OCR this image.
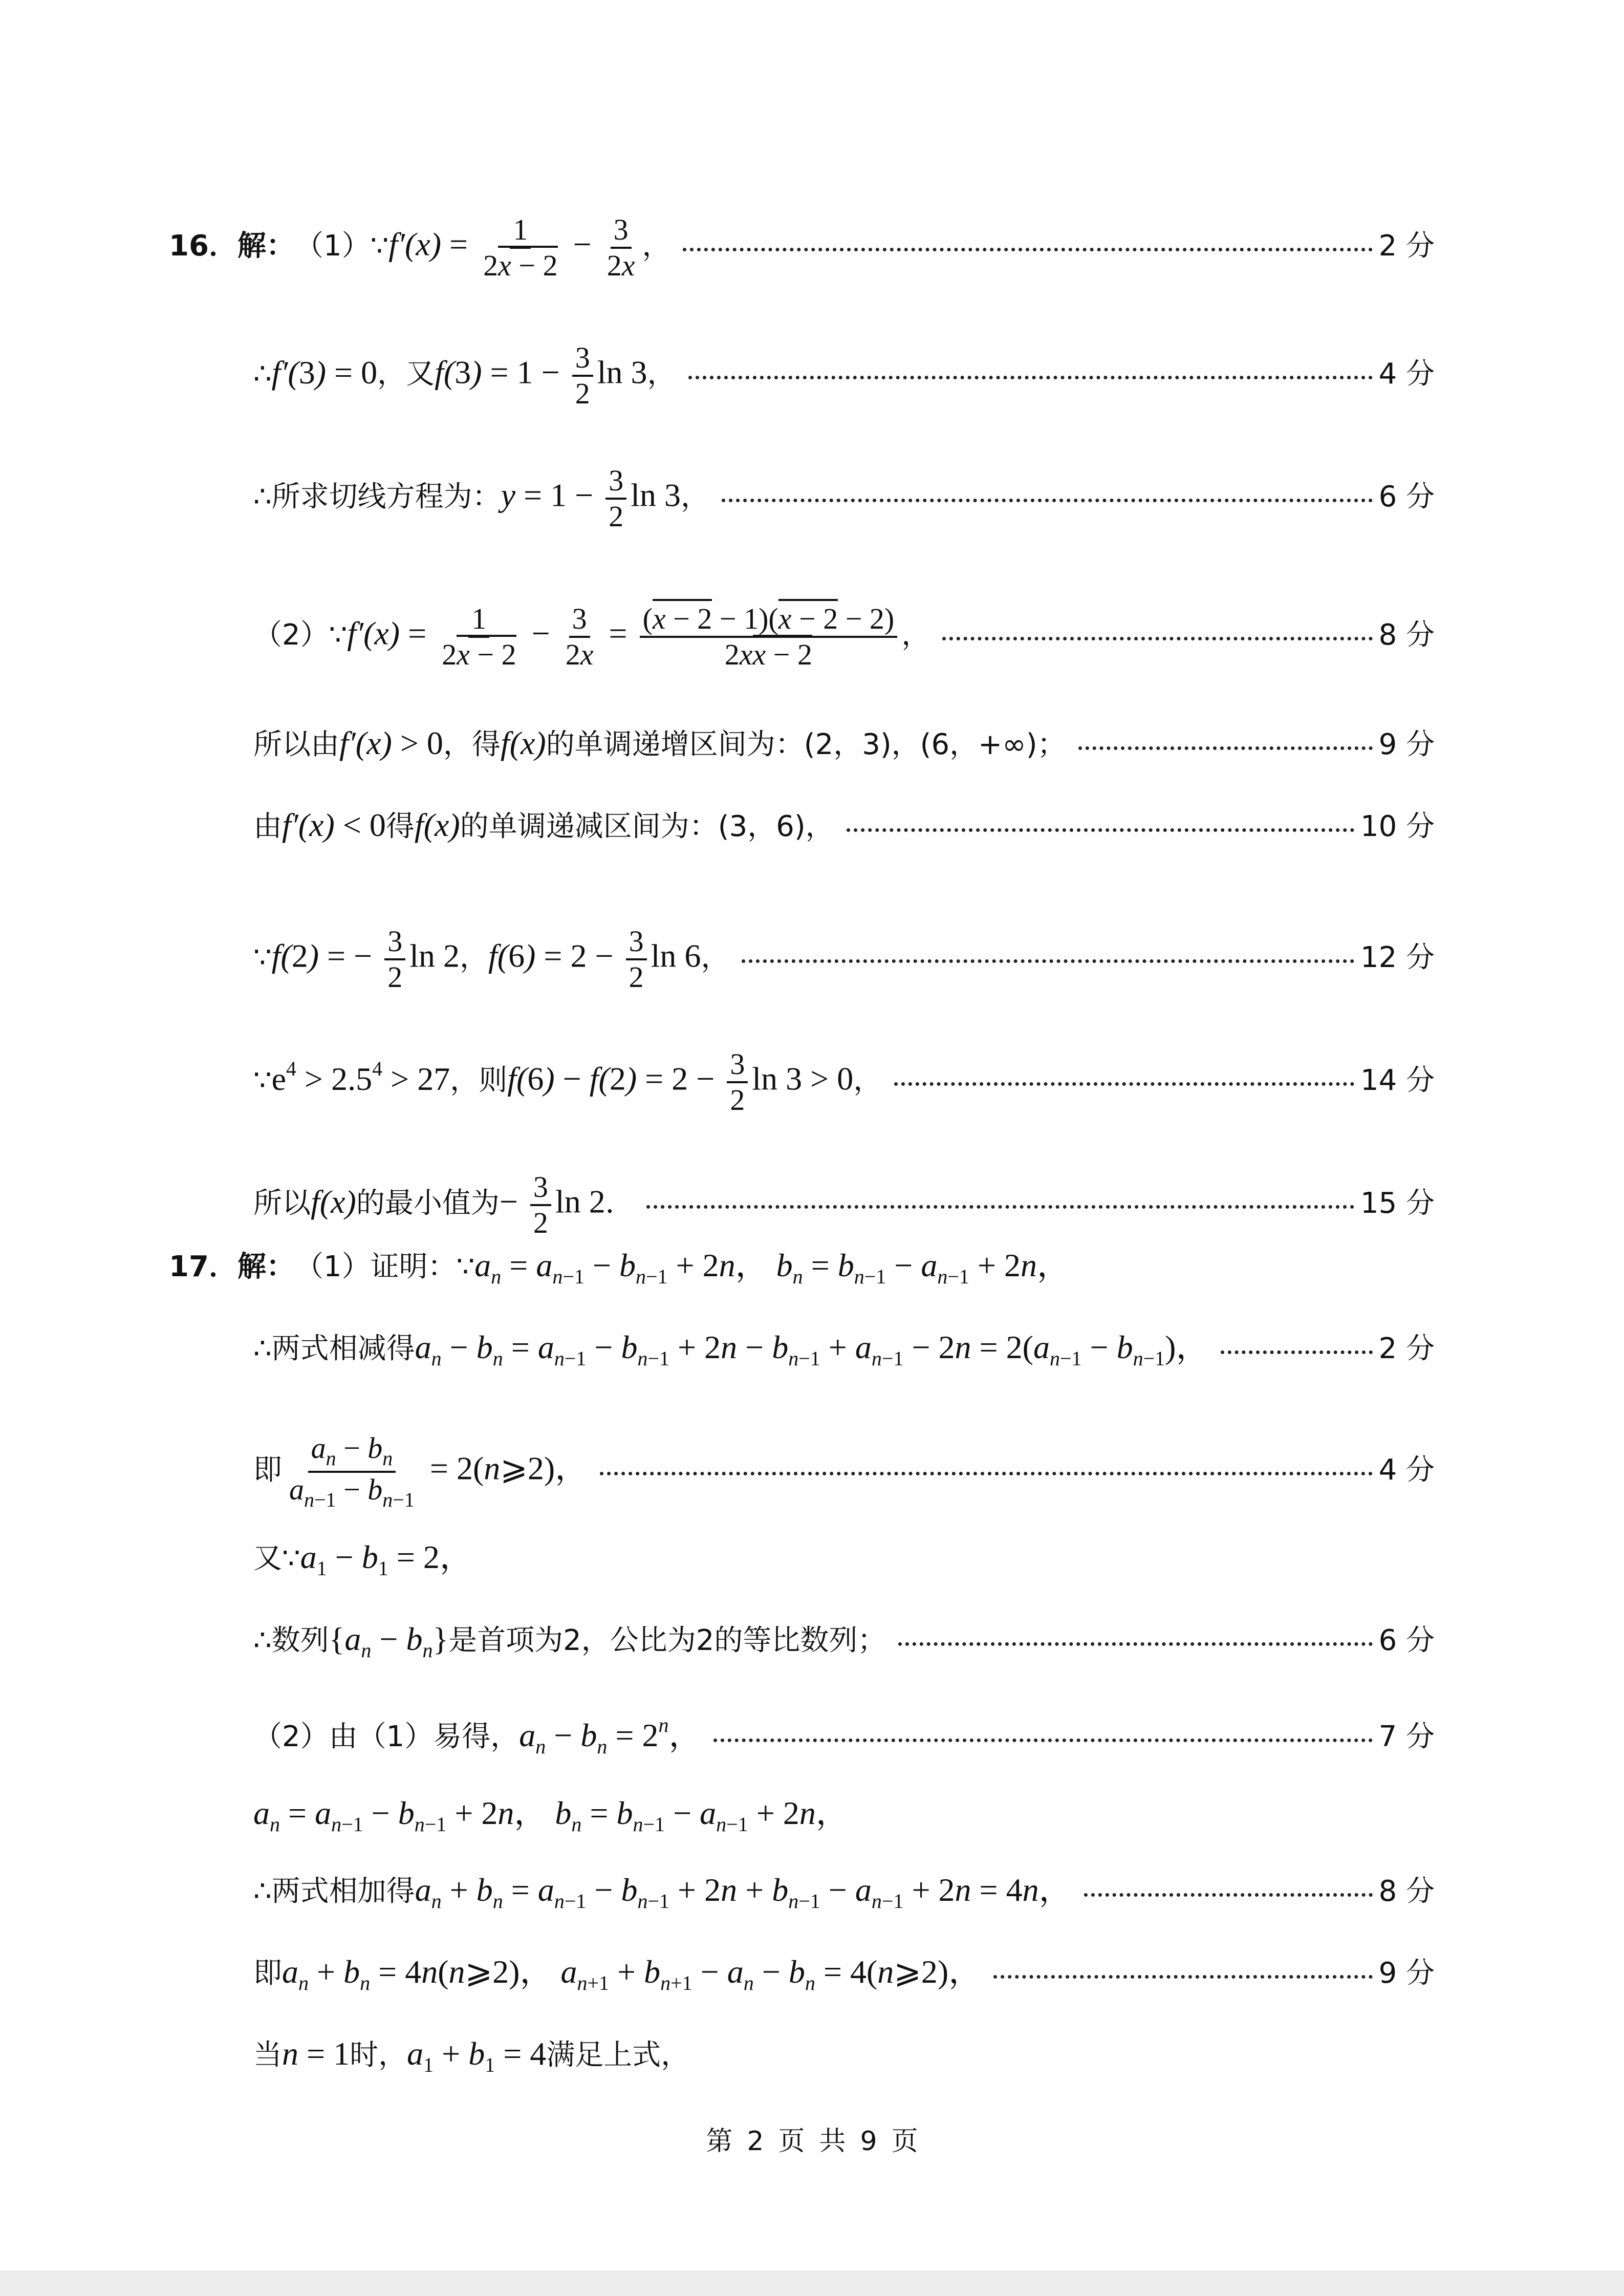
16． 解： （1） ∵ $f'(x) = \frac{1}{2x - 2} - \frac{3}{2x}$ ，	2 分
∴ f′(3) = 0 ，又 $f(3) = 1 - \frac{3}{2}$ ln 3 ，	4 分
∴ 所求切线方程为： $y = 1 - \frac{3}{2}$ ln 3 ，	6 分
（2） ∵ $f'(x) = \frac{1}{2x - 2} - \frac{3}{2x} = \frac{(x - 2 - 1)(x - 2 - 2)}{2xx - 2}$ ，	8 分
所以由 f′(x) > 0 ，得 f(x) 的单调递增区间为：(2，3)，(6，+∞)；	9 分
由 f′(x) < 0 得 f(x) 的单调递减区间为：(3，6)，	10 分
∵ f(2) = − $\frac{3}{2}$ ln 2 ， $f(6) = 2 - \frac{3}{2}$ ln 6 ，	12 分
∵ $e^4 > 2.5^4 > 27$ ，则 $f(6) - f(2) = 2 - \frac{3}{2}$ ln 3 > 0 ，	14 分
所以 f(x) 的最小值为 − $\frac{3}{2}$ ln 2 ．	15 分
17． 解： （1）证明： ∵ $a_n = a_{n-1} - b_{n-1} + 2n$， $b_n = b_{n-1} - a_{n-1} + 2n$，
∴两式相减得 $a_n - b_n = a_{n-1} - b_{n-1} + 2n - b_{n-1} + a_{n-1} - 2n = 2(a_{n-1} - b_{n-1})$，	2 分
即 $\frac{a_n - b_n}{a_{n-1} - b_{n-1}}$ = 2(n⩾2)，	4 分
又∵ $a_1 - b_1 = 2$，
∴数列 $\{a_n - b_n\}$ 是首项为2，公比为2的等比数列；	6 分
（2）由（1）易得， $a_n - b_n = 2^n$，	7 分
$a_n = a_{n-1} - b_{n-1} + 2n$， $b_n = b_{n-1} - a_{n-1} + 2n$，
∴两式相加得 $a_n + b_n = a_{n-1} - b_{n-1} + 2n + b_{n-1} - a_{n-1} + 2n = 4n$，	8 分
即 $a_n + b_n$ = 4n(n⩾2)， $a_{n+1} + b_{n+1} - a_n - b_n$ = 4(n⩾2)，	9 分
当 n = 1 时， $a_1 + b_1 = 4$ 满足上式，
第 2 页 共 9 页
